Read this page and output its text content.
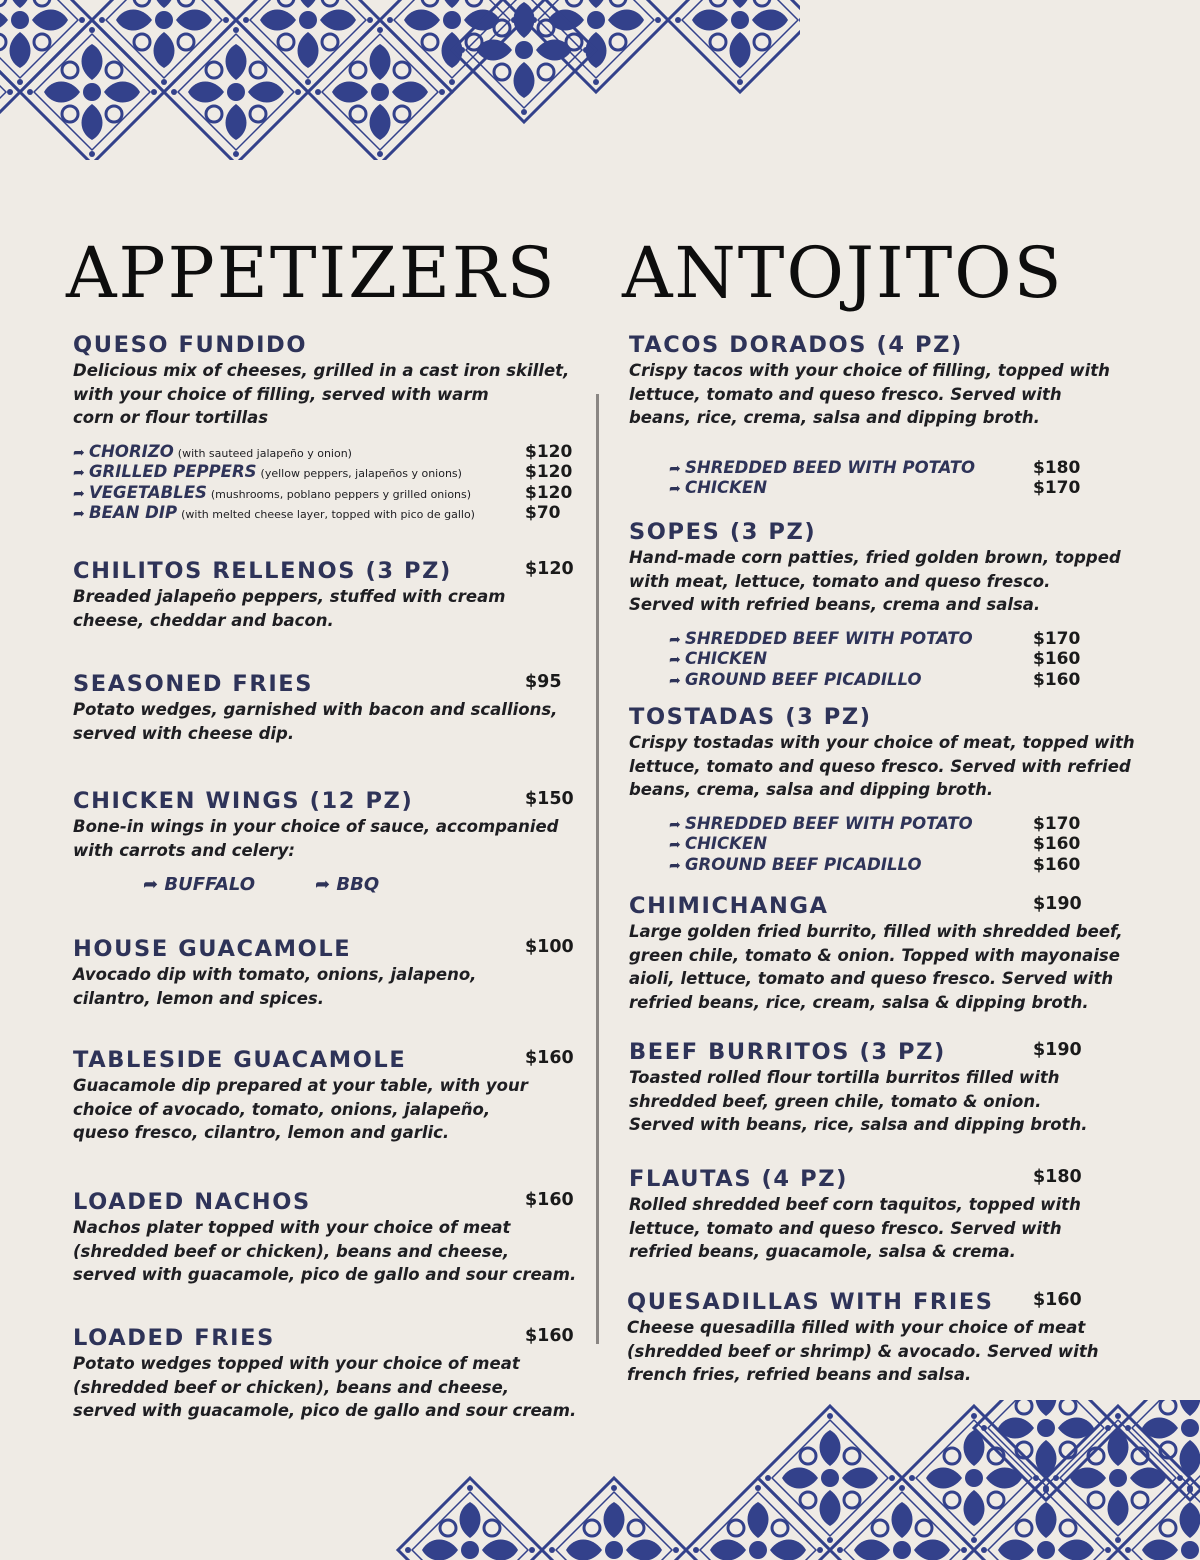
APPETIZERS ANTOJITOS
QUESO FUNDIDO
Delicious mix of cheeses, grilled in a cast iron skillet,
with your choice of filling, served with warm
corn or flour tortillas
➦ CHORIZO (with sauteed jalapeño y onion)	$120
➦ GRILLED PEPPERS (yellow peppers, jalapeños y onions)	$120
➦ VEGETABLES (mushrooms, poblano peppers y grilled onions)	$120
➦ BEAN DIP (with melted cheese layer, topped with pico de gallo)	$70
CHILITOS RELLENOS (3 PZ)	$120
Breaded jalapeño peppers, stuffed with cream
cheese, cheddar and bacon.
SEASONED FRIES	$95
Potato wedges, garnished with bacon and scallions,
served with cheese dip.
CHICKEN WINGS (12 PZ)	$150
Bone-in wings in your choice of sauce, accompanied
with carrots and celery:
➦ BUFFALO	➦ BBQ
HOUSE GUACAMOLE	$100
Avocado dip with tomato, onions, jalapeno,
cilantro, lemon and spices.
TABLESIDE GUACAMOLE	$160
Guacamole dip prepared at your table, with your
choice of avocado, tomato, onions, jalapeño,
queso fresco, cilantro, lemon and garlic.
LOADED NACHOS	$160
Nachos plater topped with your choice of meat
(shredded beef or chicken), beans and cheese,
served with guacamole, pico de gallo and sour cream.
LOADED FRIES	$160
Potato wedges topped with your choice of meat
(shredded beef or chicken), beans and cheese,
served with guacamole, pico de gallo and sour cream.
TACOS DORADOS (4 PZ)
Crispy tacos with your choice of filling, topped with
lettuce, tomato and queso fresco. Served with
beans, rice, crema, salsa and dipping broth.
➦ SHREDDED BEED WITH POTATO	$180
➦ CHICKEN	$170
SOPES (3 PZ)
Hand-made corn patties, fried golden brown, topped
with meat, lettuce, tomato and queso fresco.
Served with refried beans, crema and salsa.
➦ SHREDDED BEEF WITH POTATO	$170
➦ CHICKEN	$160
➦ GROUND BEEF PICADILLO	$160
TOSTADAS (3 PZ)
Crispy tostadas with your choice of meat, topped with
lettuce, tomato and queso fresco. Served with refried
beans, crema, salsa and dipping broth.
➦ SHREDDED BEEF WITH POTATO	$170
➦ CHICKEN	$160
➦ GROUND BEEF PICADILLO	$160
CHIMICHANGA	$190
Large golden fried burrito, filled with shredded beef,
green chile, tomato & onion. Topped with mayonaise
aioli, lettuce, tomato and queso fresco. Served with
refried beans, rice, cream, salsa & dipping broth.
BEEF BURRITOS (3 PZ)	$190
Toasted rolled flour tortilla burritos filled with
shredded beef, green chile, tomato & onion.
Served with beans, rice, salsa and dipping broth.
FLAUTAS (4 PZ)	$180
Rolled shredded beef corn taquitos, topped with
lettuce, tomato and queso fresco. Served with
refried beans, guacamole, salsa & crema.
QUESADILLAS WITH FRIES	$160
Cheese quesadilla filled with your choice of meat
(shredded beef or shrimp) & avocado. Served with
french fries, refried beans and salsa.
